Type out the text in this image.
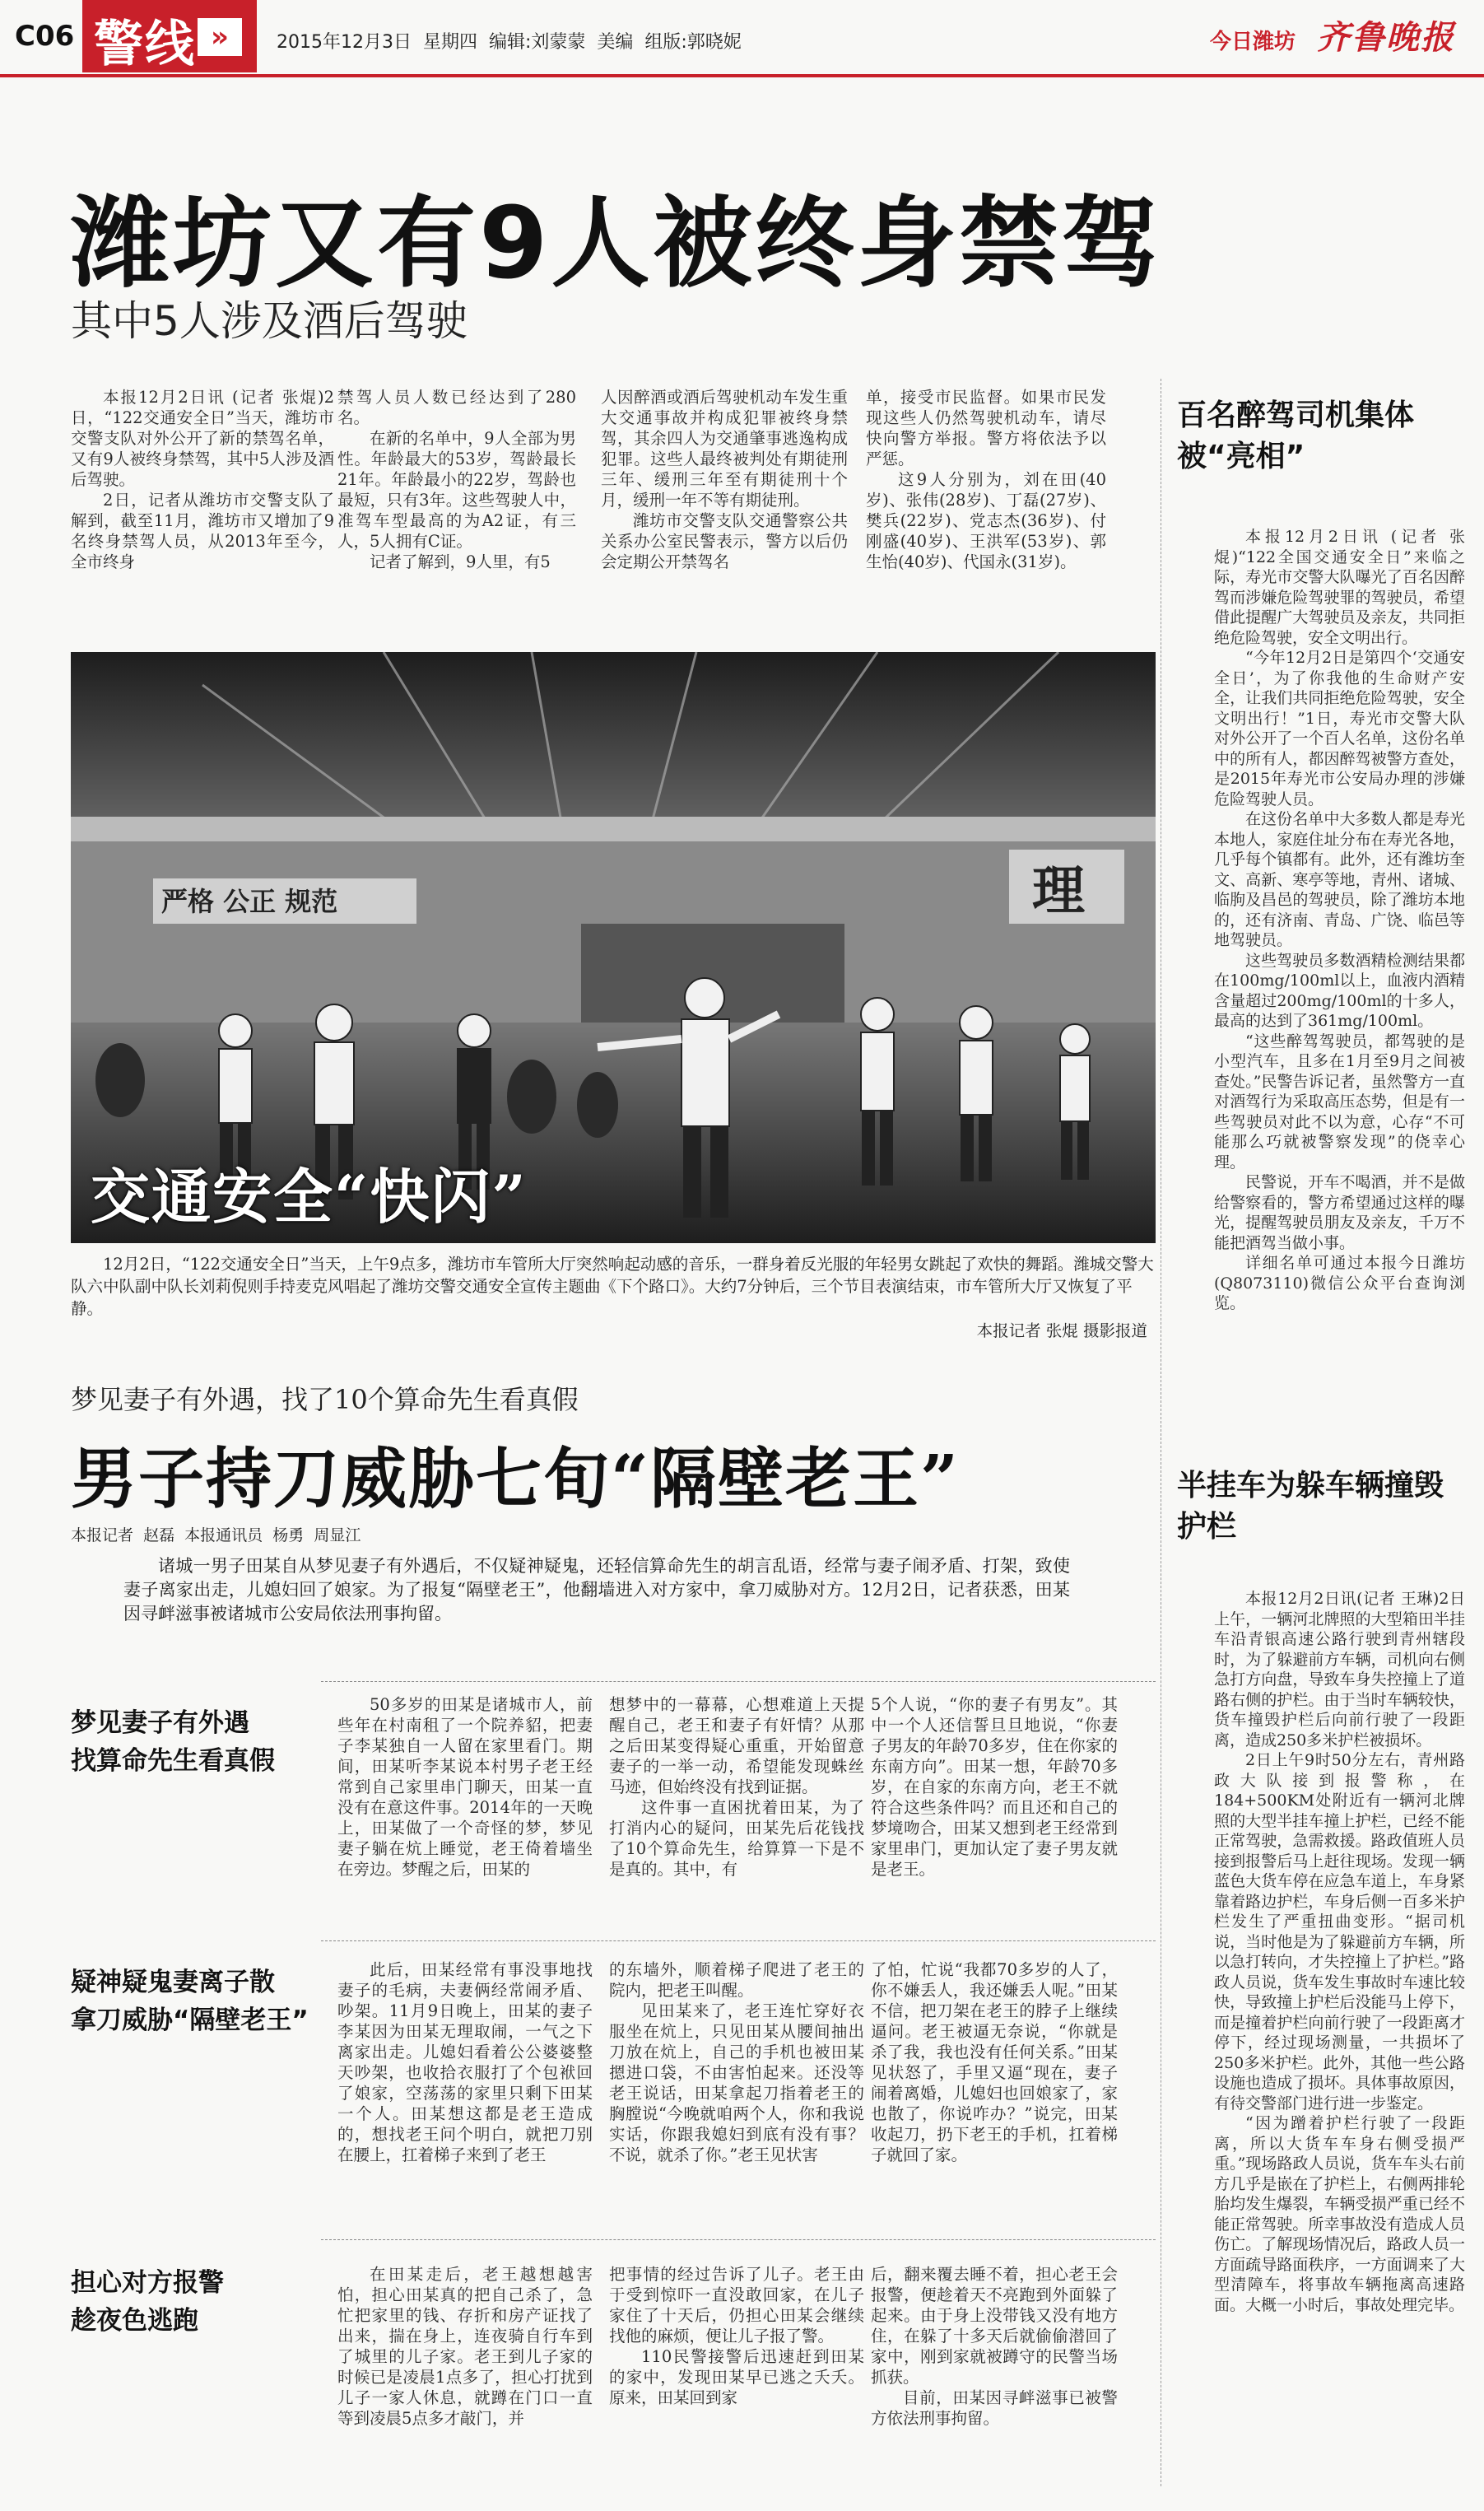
C06 警线 »	2015年12月3日  星期四  编辑:刘蒙蒙  美编  组版:郭晓妮	今日潍坊 齐鲁晚报
潍坊又有9人被终身禁驾
其中5人涉及酒后驾驶

本报12月2日讯 (记者 张焜)2日，“122交通安全日”当天，潍坊市交警支队对外公开了新的禁驾名单，又有9人被终身禁驾，其中5人涉及酒后驾驶。

2日，记者从潍坊市交警支队了解到，截至11月，潍坊市又增加了9名终身禁驾人员，从2013年至今，全市终身

禁驾人员人数已经达到了280名。

在新的名单中，9人全部为男性。年龄最大的53岁，驾龄最长21年。年龄最小的22岁，驾龄也最短，只有3年。这些驾驶人中，准驾车型最高的为A2证，有三人，5人拥有C证。

记者了解到，9人里，有5

人因醉酒或酒后驾驶机动车发生重大交通事故并构成犯罪被终身禁驾，其余四人为交通肇事逃逸构成犯罪。这些人最终被判处有期徒刑三年、缓刑三年至有期徒刑十个月，缓刑一年不等有期徒刑。

潍坊市交警支队交通警察公共关系办公室民警表示，警方以后仍会定期公开禁驾名

单，接受市民监督。如果市民发现这些人仍然驾驶机动车，请尽快向警方举报。警方将依法予以严惩。

这9人分别为，刘在田(40岁)、张伟(28岁)、丁磊(27岁)、樊兵(22岁)、党志杰(36岁)、付刚盛(40岁)、王洪军(53岁)、郭生怡(40岁)、代国永(31岁)。

严格 公正 规范	理
交通安全“快闪”

12月2日，“122交通安全日”当天，上午9点多，潍坊市车管所大厅突然响起动感的音乐，一群身着反光服的年轻男女跳起了欢快的舞蹈。潍城交警大队六中队副中队长刘莉倪则手持麦克风唱起了潍坊交警交通安全宣传主题曲《下个路口》。大约7分钟后，三个节目表演结束，市车管所大厅又恢复了平静。

本报记者 张焜 摄影报道
梦见妻子有外遇，找了10个算命先生看真假
男子持刀威胁七旬“隔壁老王”
本报记者  赵磊  本报通讯员  杨勇  周显江

诸城一男子田某自从梦见妻子有外遇后，不仅疑神疑鬼，还轻信算命先生的胡言乱语，经常与妻子闹矛盾、打架，致使妻子离家出走，儿媳妇回了娘家。为了报复“隔壁老王”，他翻墙进入对方家中，拿刀威胁对方。12月2日，记者获悉，田某因寻衅滋事被诸城市公安局依法刑事拘留。

梦见妻子有外遇
找算命先生看真假
疑神疑鬼妻离子散
拿刀威胁“隔壁老王”
担心对方报警
趁夜色逃跑

50多岁的田某是诸城市人，前些年在村南租了一个院养貂，把妻子李某独自一人留在家里看门。期间，田某听李某说本村男子老王经常到自己家里串门聊天，田某一直没有在意这件事。2014年的一天晚上，田某做了一个奇怪的梦，梦见妻子躺在炕上睡觉，老王倚着墙坐在旁边。梦醒之后，田某的

想梦中的一幕幕，心想难道上天提醒自己，老王和妻子有奸情？从那之后田某变得疑心重重，开始留意妻子的一举一动，希望能发现蛛丝马迹，但始终没有找到证据。

这件事一直困扰着田某，为了打消内心的疑问，田某先后花钱找了10个算命先生，给算算一下是不是真的。其中，有

5个人说，“你的妻子有男友”。其中一个人还信誓旦旦地说，“你妻子男友的年龄70多岁，住在你家的东南方向”。田某一想，年龄70多岁，在自家的东南方向，老王不就符合这些条件吗？而且还和自己的梦境吻合，田某又想到老王经常到家里串门，更加认定了妻子男友就是老王。

此后，田某经常有事没事地找妻子的毛病，夫妻俩经常闹矛盾、吵架。11月9日晚上，田某的妻子李某因为田某无理取闹，一气之下离家出走。儿媳妇看着公公婆婆整天吵架，也收拾衣服打了个包袱回了娘家，空荡荡的家里只剩下田某一个人。田某想这都是老王造成的，想找老王问个明白，就把刀别在腰上，扛着梯子来到了老王

的东墙外，顺着梯子爬进了老王的院内，把老王叫醒。

见田某来了，老王连忙穿好衣服坐在炕上，只见田某从腰间抽出刀放在炕上，自己的手机也被田某摁进口袋，不由害怕起来。还没等老王说话，田某拿起刀指着老王的胸膛说“今晚就咱两个人，你和我说实话，你跟我媳妇到底有没有事？不说，就杀了你。”老王见状害

了怕，忙说“我都70多岁的人了，你不嫌丢人，我还嫌丢人呢。”田某不信，把刀架在老王的脖子上继续逼问。老王被逼无奈说，“你就是杀了我，我也没有任何关系。”田某见状怒了，手里又逼“现在，妻子闹着离婚，儿媳妇也回娘家了，家也散了，你说咋办？”说完，田某收起刀，扔下老王的手机，扛着梯子就回了家。

在田某走后，老王越想越害怕，担心田某真的把自己杀了，急忙把家里的钱、存折和房产证找了出来，揣在身上，连夜骑自行车到了城里的儿子家。老王到儿子家的时候已是凌晨1点多了，担心打扰到儿子一家人休息，就蹲在门口一直等到凌晨5点多才敲门，并

把事情的经过告诉了儿子。老王由于受到惊吓一直没敢回家，在儿子家住了十天后，仍担心田某会继续找他的麻烦，便让儿子报了警。

110民警接警后迅速赶到田某的家中，发现田某早已逃之夭夭。原来，田某回到家

后，翻来覆去睡不着，担心老王会报警，便趁着天不亮跑到外面躲了起来。由于身上没带钱又没有地方住，在躲了十多天后就偷偷潜回了家中，刚到家就被蹲守的民警当场抓获。

目前，田某因寻衅滋事已被警方依法刑事拘留。

百名醉驾司机集体被“亮相”

本报12月2日讯 (记者 张焜)“122全国交通安全日”来临之际，寿光市交警大队曝光了百名因醉驾而涉嫌危险驾驶罪的驾驶员，希望借此提醒广大驾驶员及亲友，共同拒绝危险驾驶，安全文明出行。

“今年12月2日是第四个‘交通安全日’，为了你我他的生命财产安全，让我们共同拒绝危险驾驶，安全文明出行！”1日，寿光市交警大队对外公开了一个百人名单，这份名单中的所有人，都因醉驾被警方查处，是2015年寿光市公安局办理的涉嫌危险驾驶人员。

在这份名单中大多数人都是寿光本地人，家庭住址分布在寿光各地，几乎每个镇都有。此外，还有潍坊奎文、高新、寒亭等地，青州、诸城、临朐及昌邑的驾驶员，除了潍坊本地的，还有济南、青岛、广饶、临邑等地驾驶员。

这些驾驶员多数酒精检测结果都在100mg/100ml以上，血液内酒精含量超过200mg/100ml的十多人，最高的达到了361mg/100ml。

“这些醉驾驾驶员，都驾驶的是小型汽车，且多在1月至9月之间被查处。”民警告诉记者，虽然警方一直对酒驾行为采取高压态势，但是有一些驾驶员对此不以为意，心存“不可能那么巧就被警察发现”的侥幸心理。

民警说，开车不喝酒，并不是做给警察看的，警方希望通过这样的曝光，提醒驾驶员朋友及亲友，千万不能把酒驾当做小事。

详细名单可通过本报今日潍坊(Q8073110)微信公众平台查询浏览。

半挂车为躲车辆撞毁护栏

本报12月2日讯(记者 王琳)2日上午，一辆河北牌照的大型箱田半挂车沿青银高速公路行驶到青州辖段时，为了躲避前方车辆，司机向右侧急打方向盘，导致车身失控撞上了道路右侧的护栏。由于当时车辆较快，货车撞毁护栏后向前行驶了一段距离，造成250多米护栏被损坏。

2日上午9时50分左右，青州路政大队接到报警称，在184+500KM处附近有一辆河北牌照的大型半挂车撞上护栏，已经不能正常驾驶，急需救援。路政值班人员接到报警后马上赶往现场。发现一辆蓝色大货车停在应急车道上，车身紧靠着路边护栏，车身后侧一百多米护栏发生了严重扭曲变形。“据司机说，当时他是为了躲避前方车辆，所以急打转向，才失控撞上了护栏。”路政人员说，货车发生事故时车速比较快，导致撞上护栏后没能马上停下，而是撞着护栏向前行驶了一段距离才停下，经过现场测量，一共损坏了250多米护栏。此外，其他一些公路设施也造成了损坏。具体事故原因，有待交警部门进行进一步鉴定。

“因为蹭着护栏行驶了一段距离，所以大货车车身右侧受损严重。”现场路政人员说，货车车头右前方几乎是嵌在了护栏上，右侧两排轮胎均发生爆裂，车辆受损严重已经不能正常驾驶。所幸事故没有造成人员伤亡。了解现场情况后，路政人员一方面疏导路面秩序，一方面调来了大型清障车，将事故车辆拖离高速路面。大概一小时后，事故处理完毕。
